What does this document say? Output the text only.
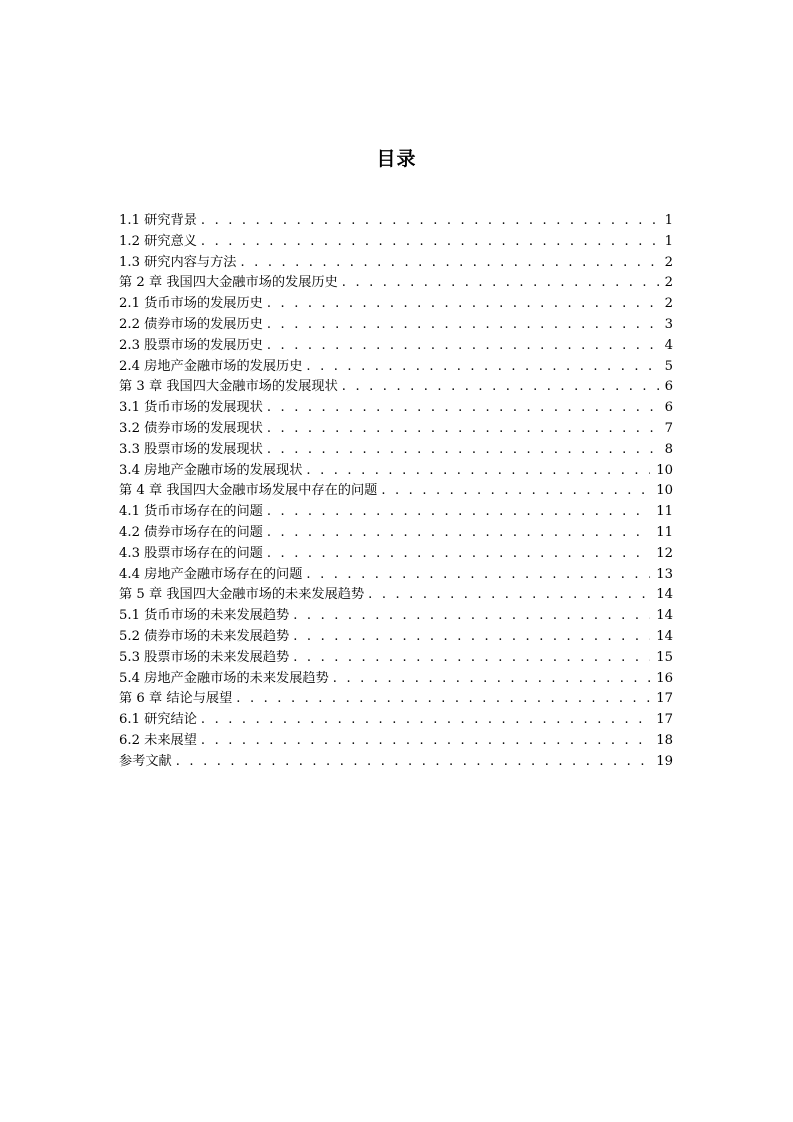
目录
1.1 研究背景 . . .	1
1.2 研究意义 . . .	1
1.3 研究内容与方法 . . .	2
第 2 章 我国四大金融市场的发展历史 . . .	2
2.1 货币市场的发展历史 . . .	2
2.2 债券市场的发展历史 . . .	3
2.3 股票市场的发展历史 . . .	4
2.4 房地产金融市场的发展历史 . . .	5
第 3 章 我国四大金融市场的发展现状 . . .	6
3.1 货币市场的发展现状 . . .	6
3.2 债券市场的发展现状 . . .	7
3.3 股票市场的发展现状 . . .	8
3.4 房地产金融市场的发展现状 . . .	10
第 4 章 我国四大金融市场发展中存在的问题 . . .	10
4.1 货币市场存在的问题 . . .	11
4.2 债券市场存在的问题 . . .	11
4.3 股票市场存在的问题 . . .	12
4.4 房地产金融市场存在的问题 . . .	13
第 5 章 我国四大金融市场的未来发展趋势 . . .	14
5.1 货币市场的未来发展趋势 . . .	14
5.2 债券市场的未来发展趋势 . . .	14
5.3 股票市场的未来发展趋势 . . .	15
5.4 房地产金融市场的未来发展趋势 . . .	16
第 6 章 结论与展望 . . .	17
6.1 研究结论 . . .	17
6.2 未来展望 . . .	18
参考文献 . . .	19
